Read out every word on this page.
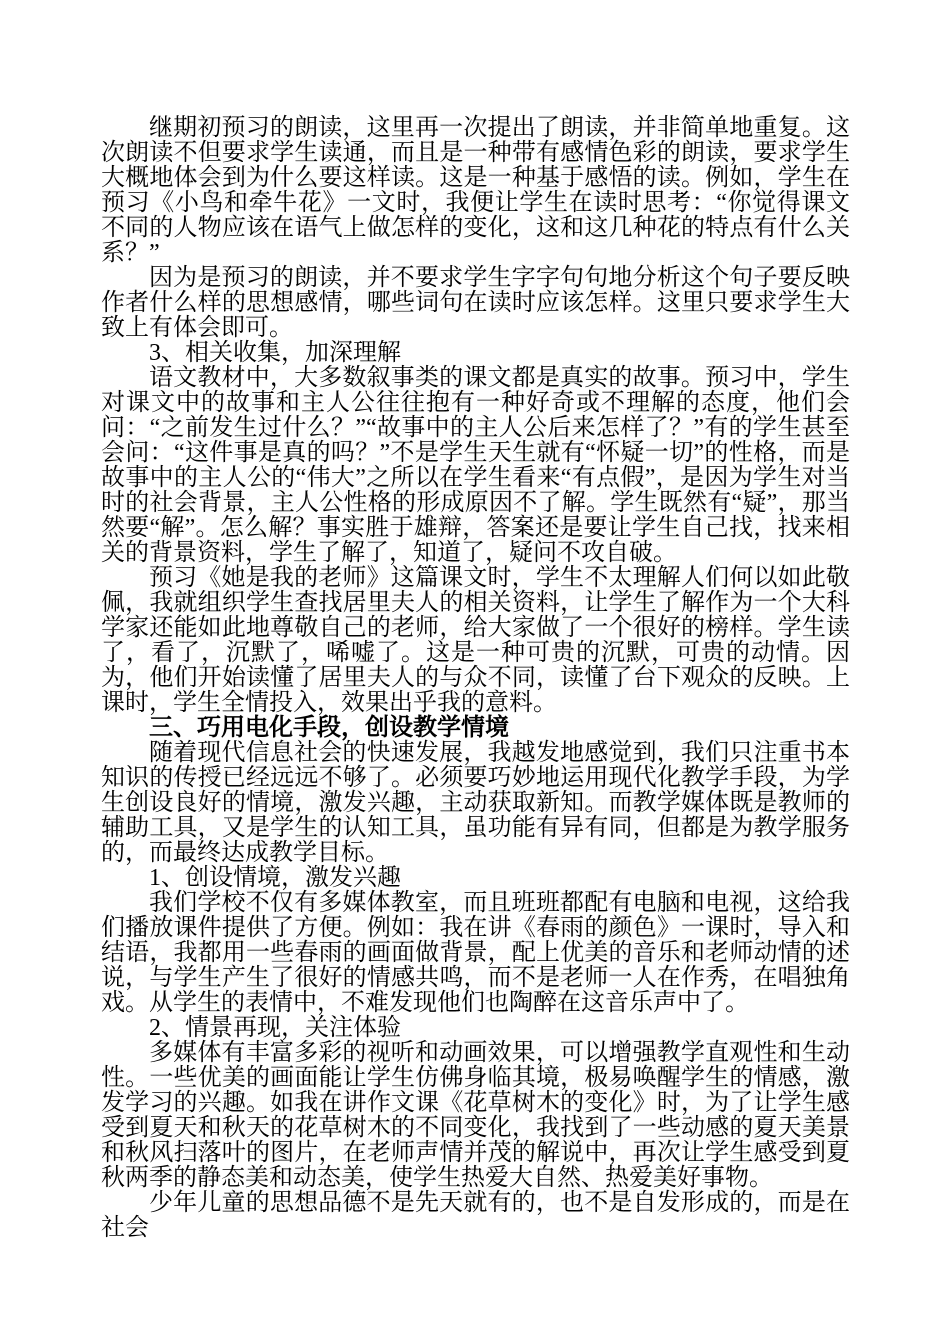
继期初预习的朗读，这里再一次提出了朗读，并非简单地重复。这次朗读不但要求学生读通，而且是一种带有感情色彩的朗读，要求学生大概地体会到为什么要这样读。这是一种基于感悟的读。例如，学生在预习《小鸟和牵牛花》一文时，我便让学生在读时思考：“你觉得课文不同的人物应该在语气上做怎样的变化，这和这几种花的特点有什么关系？”

因为是预习的朗读，并不要求学生字字句句地分析这个句子要反映作者什么样的思想感情，哪些词句在读时应该怎样。这里只要求学生大致上有体会即可。

3、相关收集，加深理解

语文教材中，大多数叙事类的课文都是真实的故事。预习中，学生对课文中的故事和主人公往往抱有一种好奇或不理解的态度，他们会问：“之前发生过什么？”“故事中的主人公后来怎样了？”有的学生甚至会问：“这件事是真的吗？”不是学生天生就有“怀疑一切”的性格，而是故事中的主人公的“伟大”之所以在学生看来“有点假”，是因为学生对当时的社会背景，主人公性格的形成原因不了解。学生既然有“疑”，那当然要“解”。怎么解？事实胜于雄辩，答案还是要让学生自己找，找来相关的背景资料，学生了解了，知道了，疑问不攻自破。

预习《她是我的老师》这篇课文时，学生不太理解人们何以如此敬佩，我就组织学生查找居里夫人的相关资料，让学生了解作为一个大科学家还能如此地尊敬自己的老师，给大家做了一个很好的榜样。学生读了，看了，沉默了，唏嘘了。这是一种可贵的沉默，可贵的动情。因为，他们开始读懂了居里夫人的与众不同，读懂了台下观众的反映。上课时，学生全情投入，效果出乎我的意料。

三、巧用电化手段，创设教学情境

随着现代信息社会的快速发展，我越发地感觉到，我们只注重书本知识的传授已经远远不够了。必须要巧妙地运用现代化教学手段，为学生创设良好的情境，激发兴趣，主动获取新知。而教学媒体既是教师的辅助工具，又是学生的认知工具，虽功能有异有同，但都是为教学服务的，而最终达成教学目标。

1、创设情境，激发兴趣

我们学校不仅有多媒体教室，而且班班都配有电脑和电视，这给我们播放课件提供了方便。例如：我在讲《春雨的颜色》一课时，导入和结语，我都用一些春雨的画面做背景，配上优美的音乐和老师动情的述说，与学生产生了很好的情感共鸣，而不是老师一人在作秀，在唱独角戏。从学生的表情中，不难发现他们也陶醉在这音乐声中了。

2、情景再现，关注体验

多媒体有丰富多彩的视听和动画效果，可以增强教学直观性和生动性。一些优美的画面能让学生仿佛身临其境，极易唤醒学生的情感，激发学习的兴趣。如我在讲作文课《花草树木的变化》时，为了让学生感受到夏天和秋天的花草树木的不同变化，我找到了一些动感的夏天美景和秋风扫落叶的图片，在老师声情并茂的解说中，再次让学生感受到夏秋两季的静态美和动态美，使学生热爱大自然、热爱美好事物。

少年儿童的思想品德不是先天就有的，也不是自发形成的，而是在社会
